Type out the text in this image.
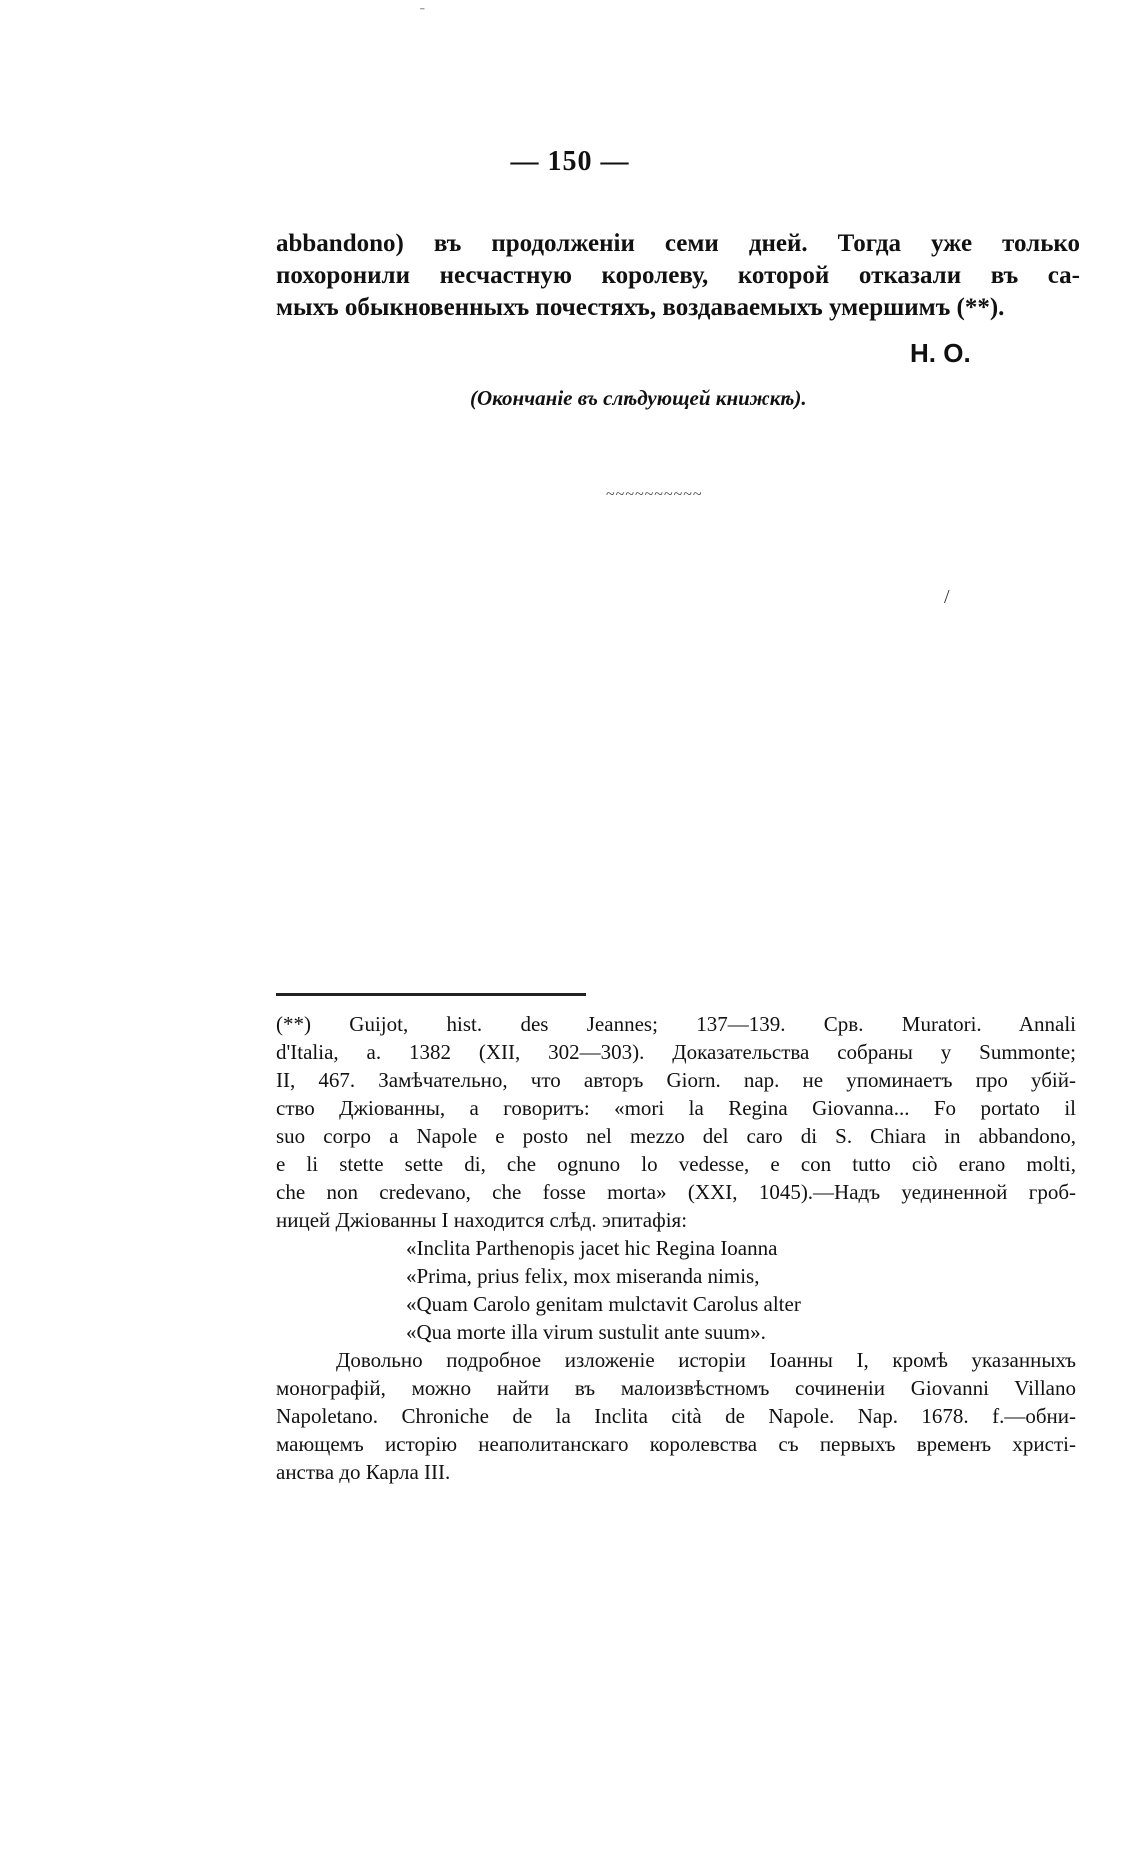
ˉ
— 150 —
abbandono) въ продолженіи семи дней. Тогда уже только
похоронили несчастную королеву, которой отказали въ са-
мыхъ обыкновенныхъ почестяхъ, воздаваемыхъ умершимъ (**).
Н. О.
(Окончаніе въ слѣдующей книжкѣ).
~~~~~~~~~~
/
(**) Guijot, hist. des Jeannes; 137—139. Срв. Muratori. Annali
d'Italia, a. 1382 (XII, 302—303). Доказательства собраны у Summonte;
II, 467. Замѣчательно, что авторъ Giorn. nap. не упоминаетъ про убій-
ство Джіованны, а говоритъ: «mori la Regina Giovanna... Fo portato il
suo corpo a Napole e posto nel mezzo del caro di S. Chiara in abbandono,
e li stette sette di, che ognuno lo vedesse, e con tutto ciò erano molti,
che non credevano, che fosse morta» (XXI, 1045).—Надъ уединенной гроб-
ницей Джіованны I находится слѣд. эпитафія:
«Inclita Parthenopis jacet hic Regina Ioanna
«Prima, prius felix, mox miseranda nimis,
«Quam Carolo genitam mulctavit Carolus alter
«Qua morte illa virum sustulit ante suum».
Довольно подробное изложеніе исторіи Іоанны I, кромѣ указанныхъ
монографій, можно найти въ малоизвѣстномъ сочиненіи Giovanni Villano
Napoletano. Chroniche de la Inclita cità de Napole. Nap. 1678. f.—обни-
мающемъ исторію неаполитанскаго королевства съ первыхъ временъ христі-
анства до Карла III.
